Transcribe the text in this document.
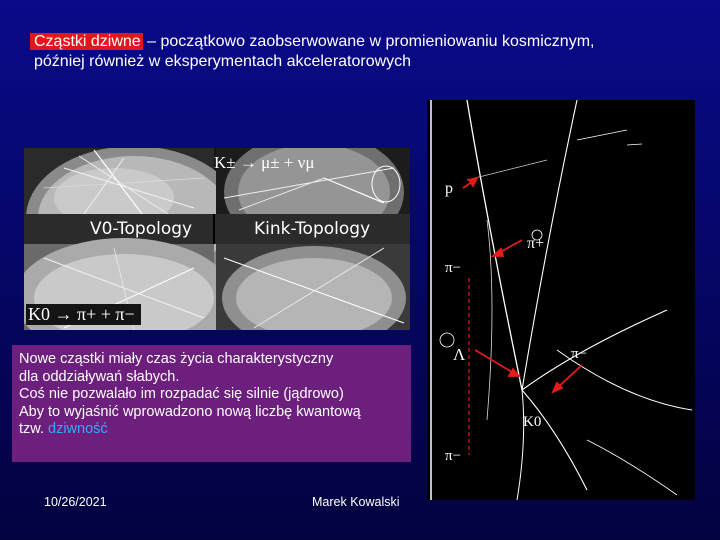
Cząstki dziwne – początkowo zaobserwowane w promieniowaniu kosmicznym,
później również w eksperymentach akceleratorowych
K± → μ± + νμ
V0-Topology	Kink-Topology
K0 → π+ + π−
p
π+
π−
Λ	π−
K0
π−
Nowe cząstki miały czas życia charakterystyczny
dla oddziaływań słabych.
Coś nie pozwalało im rozpadać się silnie (jądrowo)
Aby to wyjaśnić wprowadzono nową liczbę kwantową
tzw. dziwność
10/26/2021	Marek Kowalski
